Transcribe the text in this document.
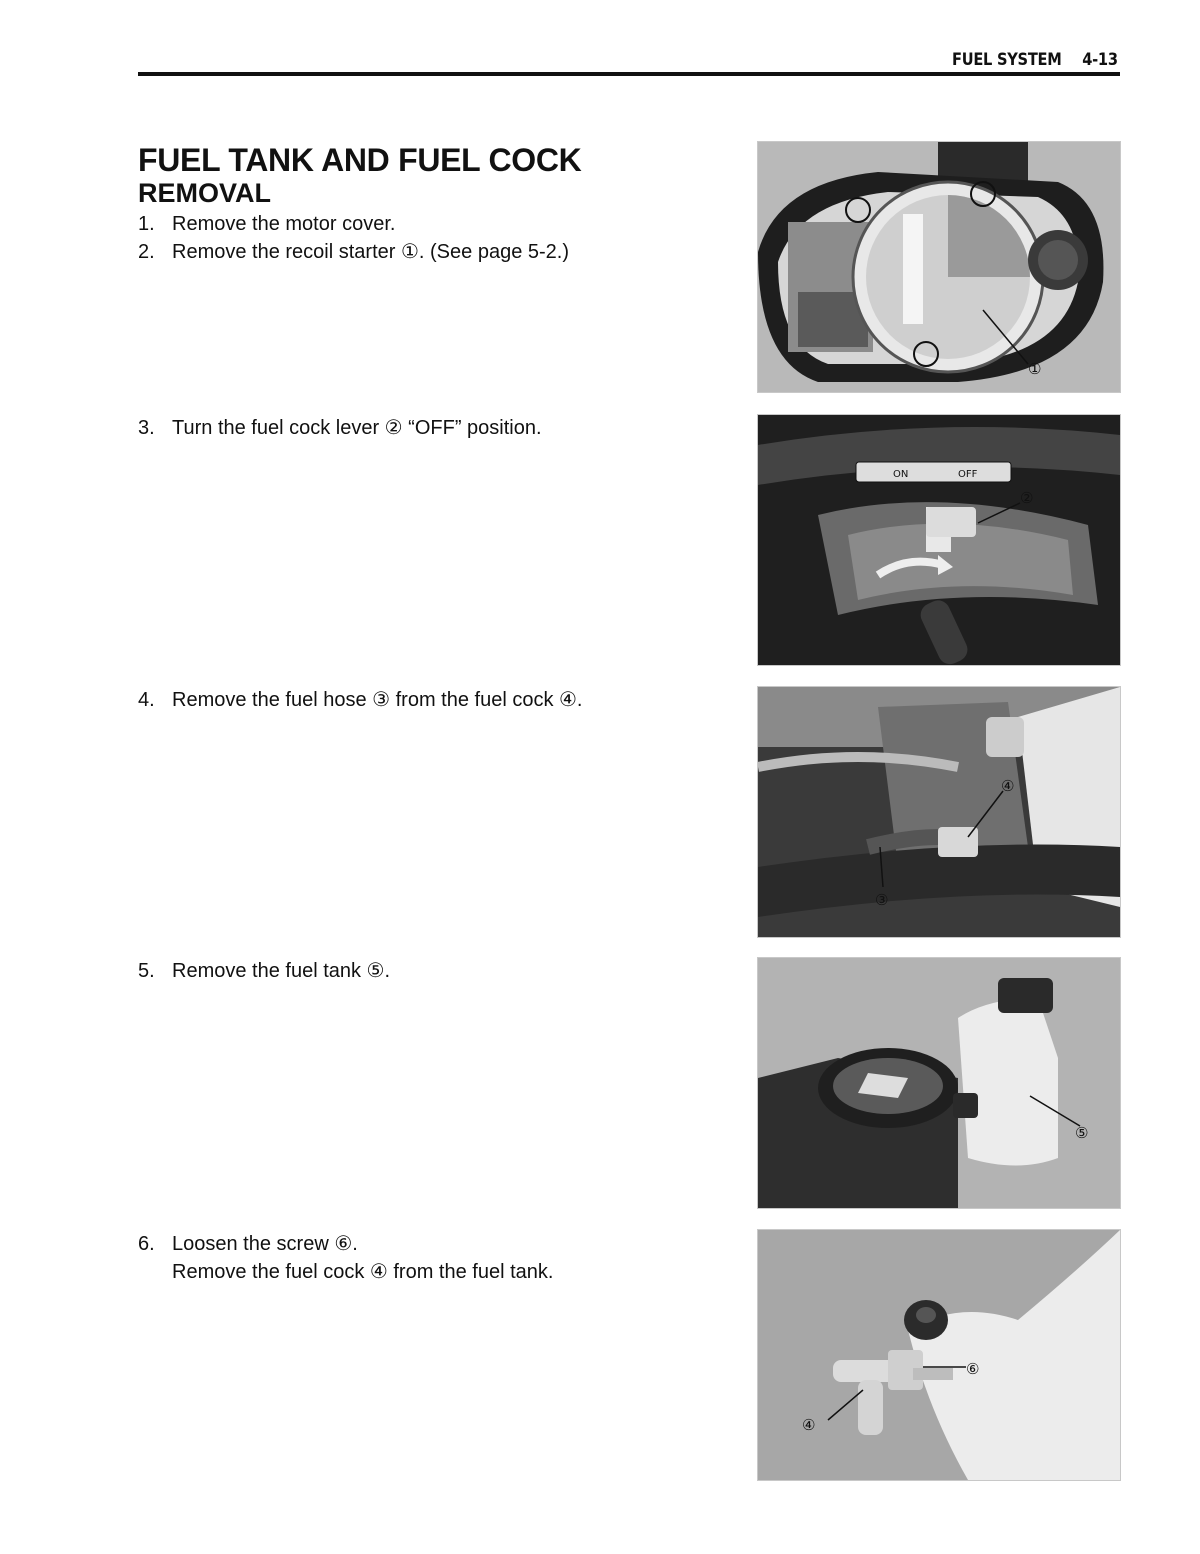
FUEL SYSTEM 4-13
FUEL TANK AND FUEL COCK
REMOVAL
1. Remove the motor cover.
2. Remove the recoil starter ①. (See page 5-2.)
3. Turn the fuel cock lever ② “OFF” position.
4. Remove the fuel hose ③ from the fuel cock ④.
5. Remove the fuel tank ⑤.
6. Loosen the screw ⑥.
Remove the fuel cock ④ from the fuel tank.
①
ON	OFF
②
④
③
⑤
⑥
④
